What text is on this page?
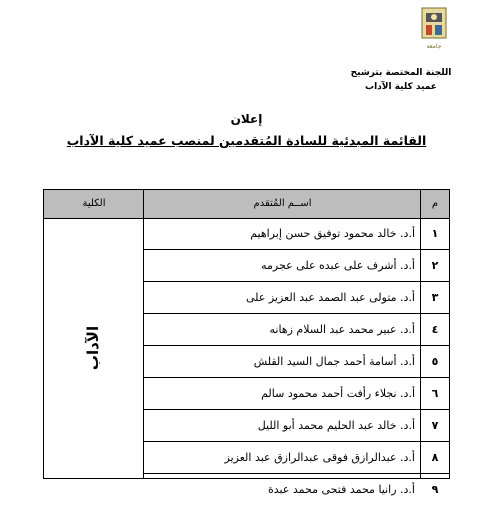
جامعة
اللجنة المختصة بترشيح
عميد كلية الآداب
إعلان
القائمة المبدئية للسادة المُتقدمين لمنصب عميد كلية الآداب
م
اســم المُتقدم
الكلية
الآداب
١
أ.د. خالد محمود توفيق حسن إبراهيم
٢
أ.د. أشرف على عبده على عجرمه
٣
أ.د. متولى عبد الصمد عبد العزيز على
٤
أ.د. عبير محمد عبد السلام زهانه
٥
أ.د. أسامة أحمد جمال السيد القلش
٦
أ.د. نجلاء رأفت أحمد محمود سالم
٧
أ.د. خالد عبد الحليم محمد أبو الليل
٨
أ.د. عبدالرازق فوقى عبدالرازق عبد العزيز
٩
أ.د. رانيا محمد فتحى محمد عبدة
